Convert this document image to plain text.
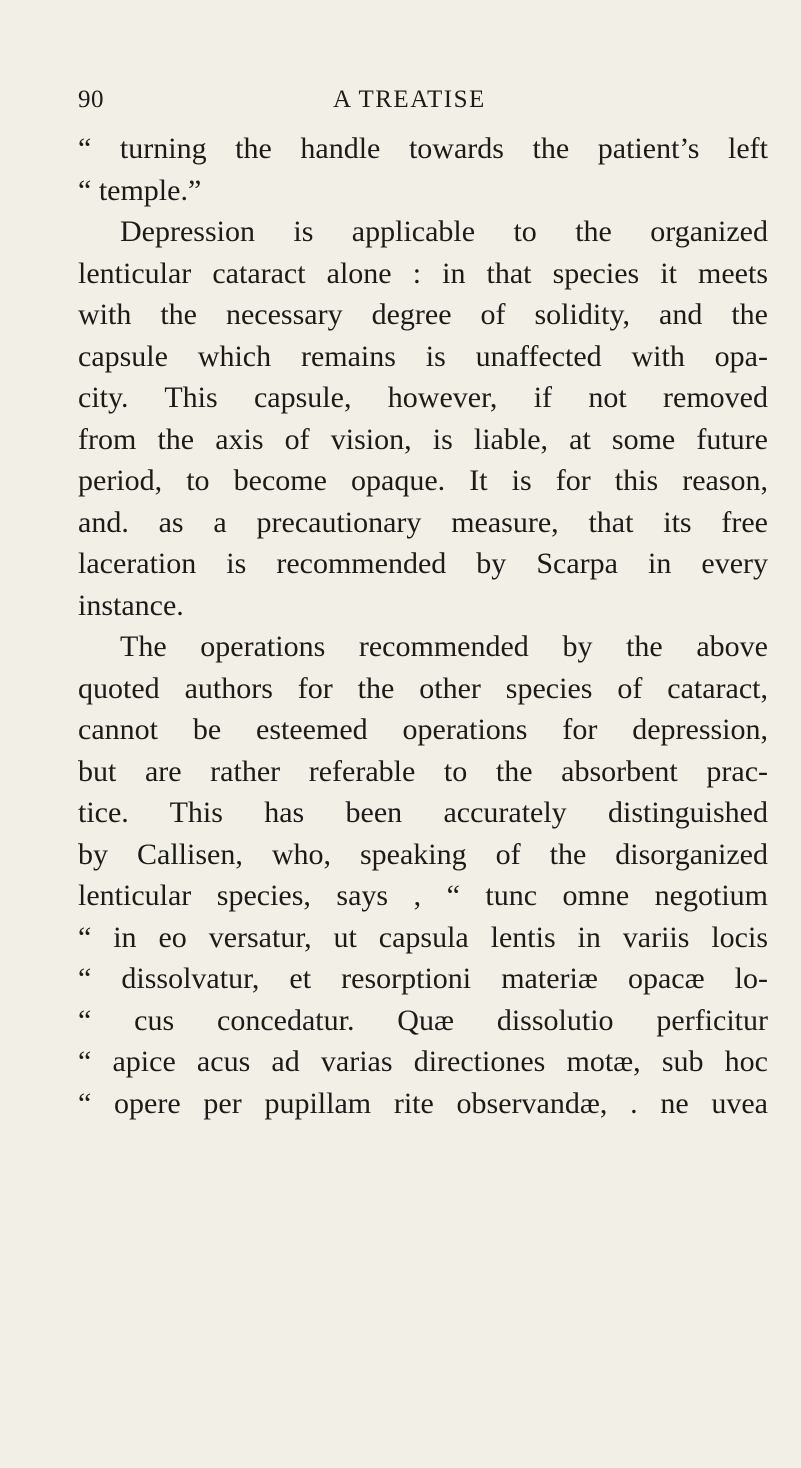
90	A TREATISE
“ turning the handle towards the patient’s left
“ temple.”
Depression is applicable to the organized
lenticular cataract alone : in that species it meets
with the necessary degree of solidity, and the
capsule which remains is unaffected with opa-
city. This capsule, however, if not removed
from the axis of vision, is liable, at some future
period, to become opaque. It is for this reason,
and. as a precautionary measure, that its free
laceration is recommended by Scarpa in every
instance.
The operations recommended by the above
quoted authors for the other species of cataract,
cannot be esteemed operations for depression,
but are rather referable to the absorbent prac-
tice. This has been accurately distinguished
by Callisen, who, speaking of the disorganized
lenticular species, says , “ tunc omne negotium
“ in eo versatur, ut capsula lentis in variis locis
“ dissolvatur, et resorptioni materiæ opacæ lo-
“ cus concedatur. Quæ dissolutio perficitur
“ apice acus ad varias directiones motæ, sub hoc
“ opere per pupillam rite observandæ, . ne uvea
